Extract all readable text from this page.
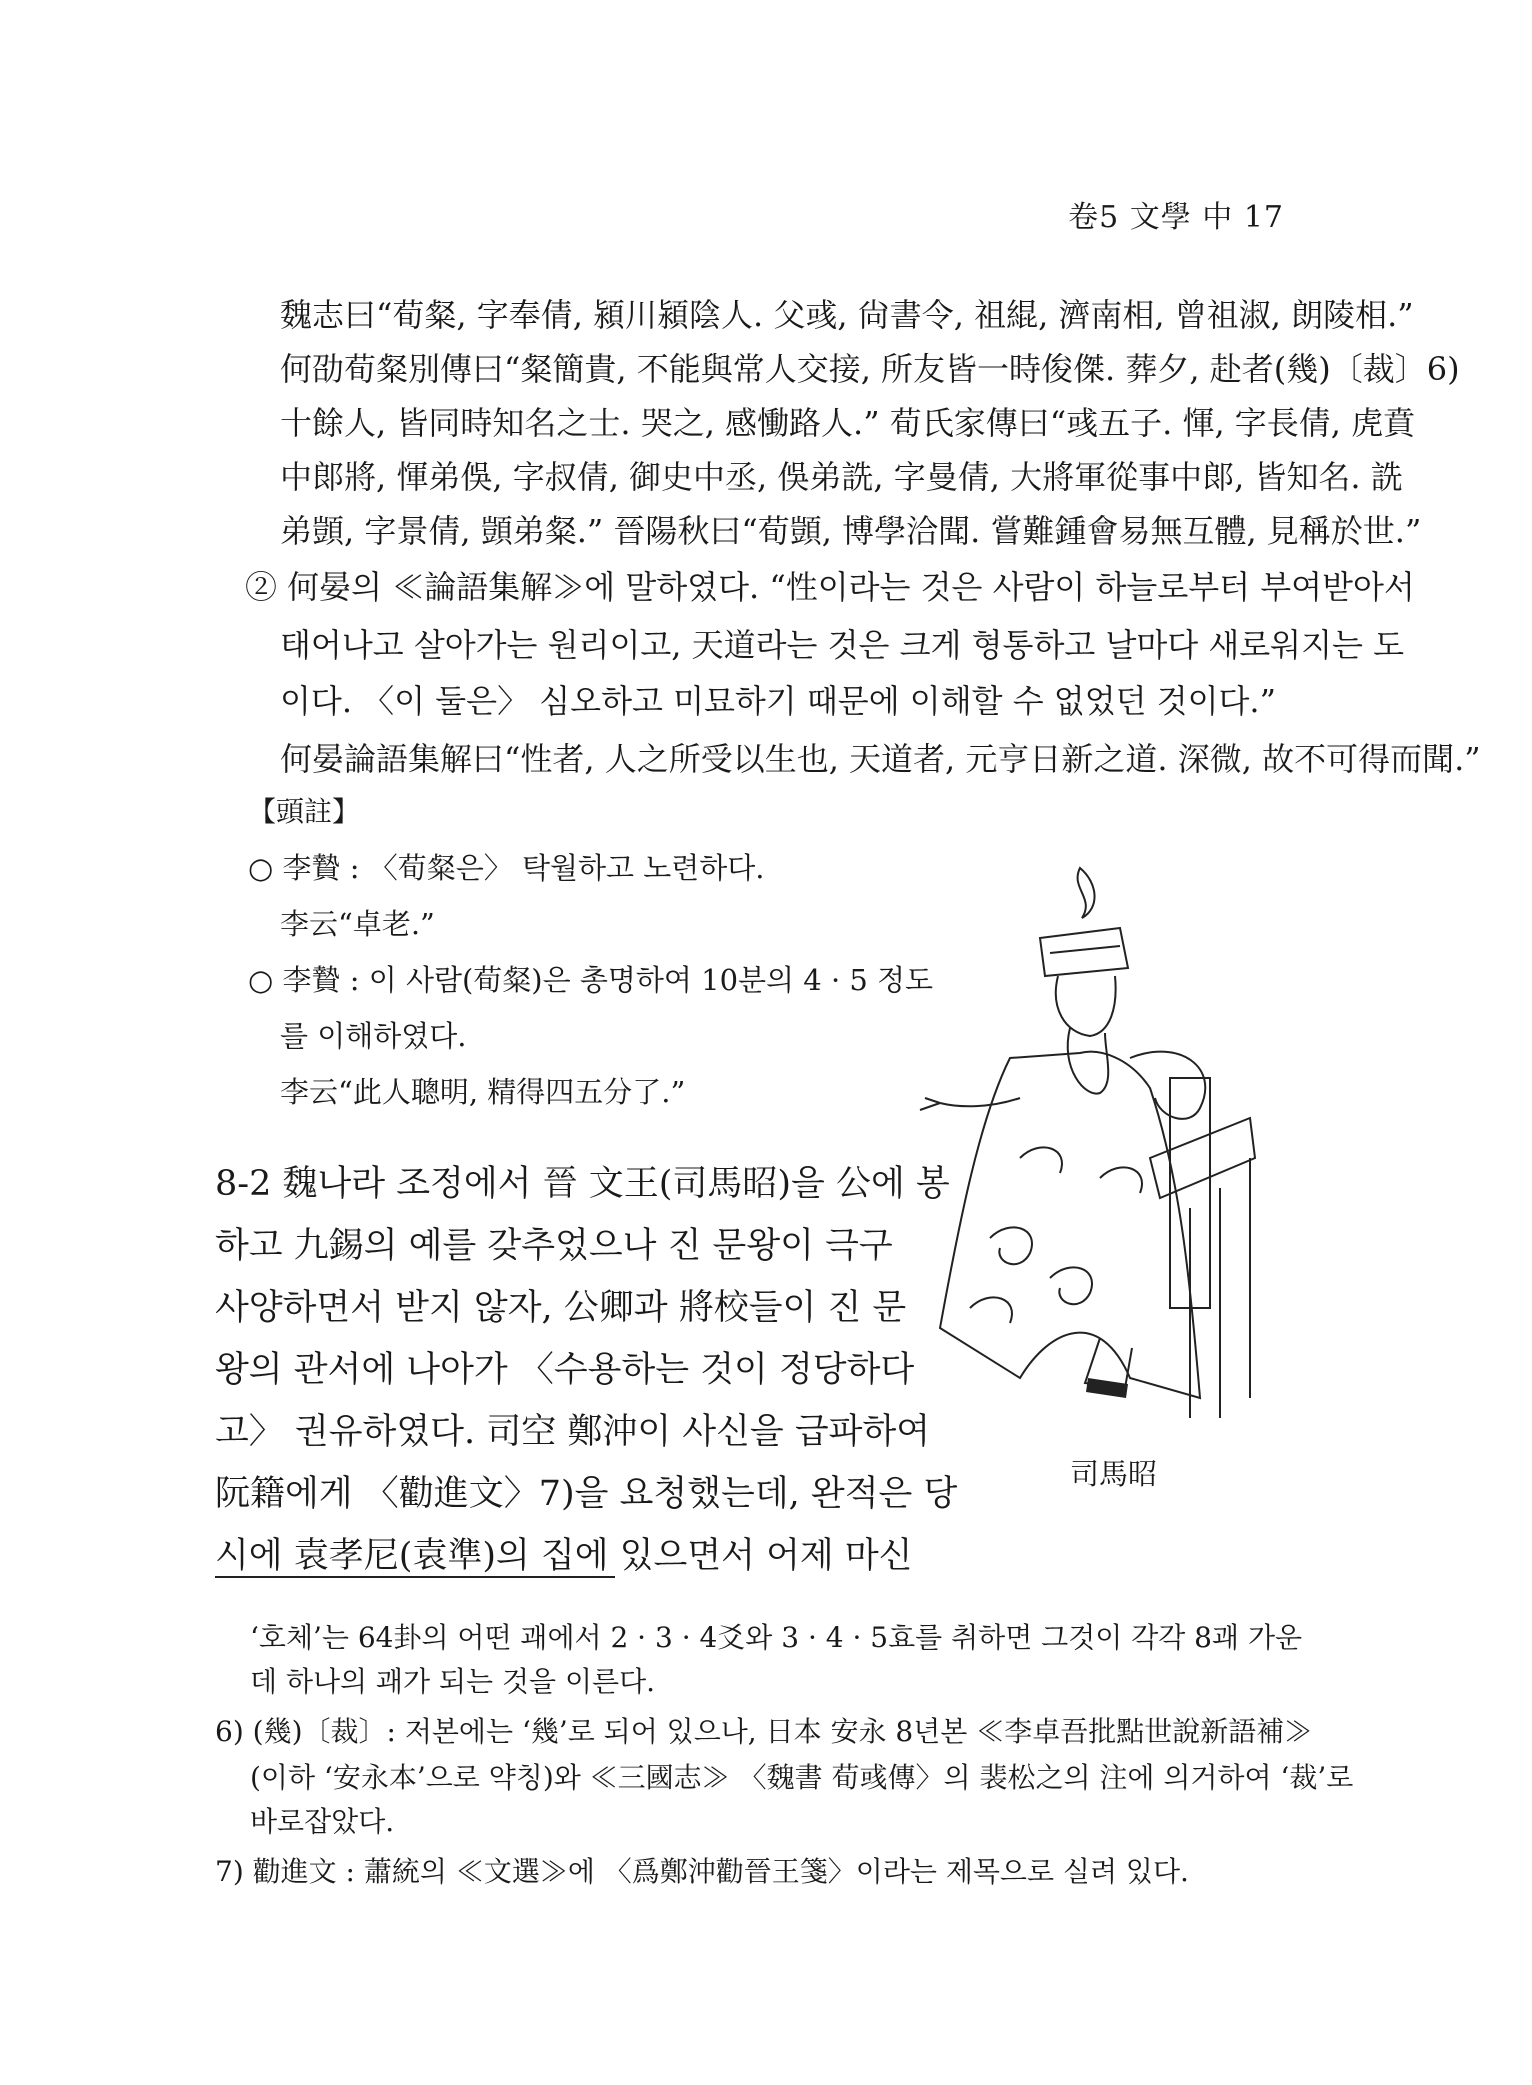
卷5 文學 中 17
魏志曰“荀粲, 字奉倩, 潁川潁陰人. 父彧, 尙書令, 祖緄, 濟南相, 曾祖淑, 朗陵相.”
何劭荀粲別傳曰“粲簡貴, 不能與常人交接, 所友皆一時俊傑. 葬夕, 赴者(幾)〔裁〕6)
十餘人, 皆同時知名之士. 哭之, 感慟路人.” 荀氏家傳曰“彧五子. 惲, 字長倩, 虎賁
中郞將, 惲弟俁, 字叔倩, 御史中丞, 俁弟詵, 字曼倩, 大將軍從事中郞, 皆知名. 詵
弟顗, 字景倩, 顗弟粲.” 晉陽秋曰“荀顗, 博學洽聞. 嘗難鍾會易無互體, 見稱於世.”
② 何晏의 ≪論語集解≫에 말하였다. “性이라는 것은 사람이 하늘로부터 부여받아서
태어나고 살아가는 원리이고, 天道라는 것은 크게 형통하고 날마다 새로워지는 도
이다. 〈이 둘은〉 심오하고 미묘하기 때문에 이해할 수 없었던 것이다.”
何晏論語集解曰“性者, 人之所受以生也, 天道者, 元亨日新之道. 深微, 故不可得而聞.”
【頭註】
○ 李贄 : 〈荀粲은〉 탁월하고 노련하다.
李云“卓老.”
○ 李贄 : 이 사람(荀粲)은 총명하여 10분의 4 · 5 정도
를 이해하였다.
李云“此人聰明, 精得四五分了.”
8-2 魏나라 조정에서 晉 文王(司馬昭)을 公에 봉
하고 九錫의 예를 갖추었으나 진 문왕이 극구
사양하면서 받지 않자, 公卿과 將校들이 진 문
왕의 관서에 나아가 〈수용하는 것이 정당하다
고〉 권유하였다. 司空 鄭沖이 사신을 급파하여
阮籍에게 〈勸進文〉7)을 요청했는데, 완적은 당
시에 袁孝尼(袁準)의 집에 있으면서 어제 마신
司馬昭
‘호체’는 64卦의 어떤 괘에서 2 · 3 · 4爻와 3 · 4 · 5효를 취하면 그것이 각각 8괘 가운
데 하나의 괘가 되는 것을 이른다.
6) (幾)〔裁〕: 저본에는 ‘幾’로 되어 있으나, 日本 安永 8년본 ≪李卓吾批點世說新語補≫
(이하 ‘安永本’으로 약칭)와 ≪三國志≫ 〈魏書 荀彧傳〉의 裴松之의 注에 의거하여 ‘裁’로
바로잡았다.
7) 勸進文 : 蕭統의 ≪文選≫에 〈爲鄭沖勸晉王箋〉이라는 제목으로 실려 있다.
